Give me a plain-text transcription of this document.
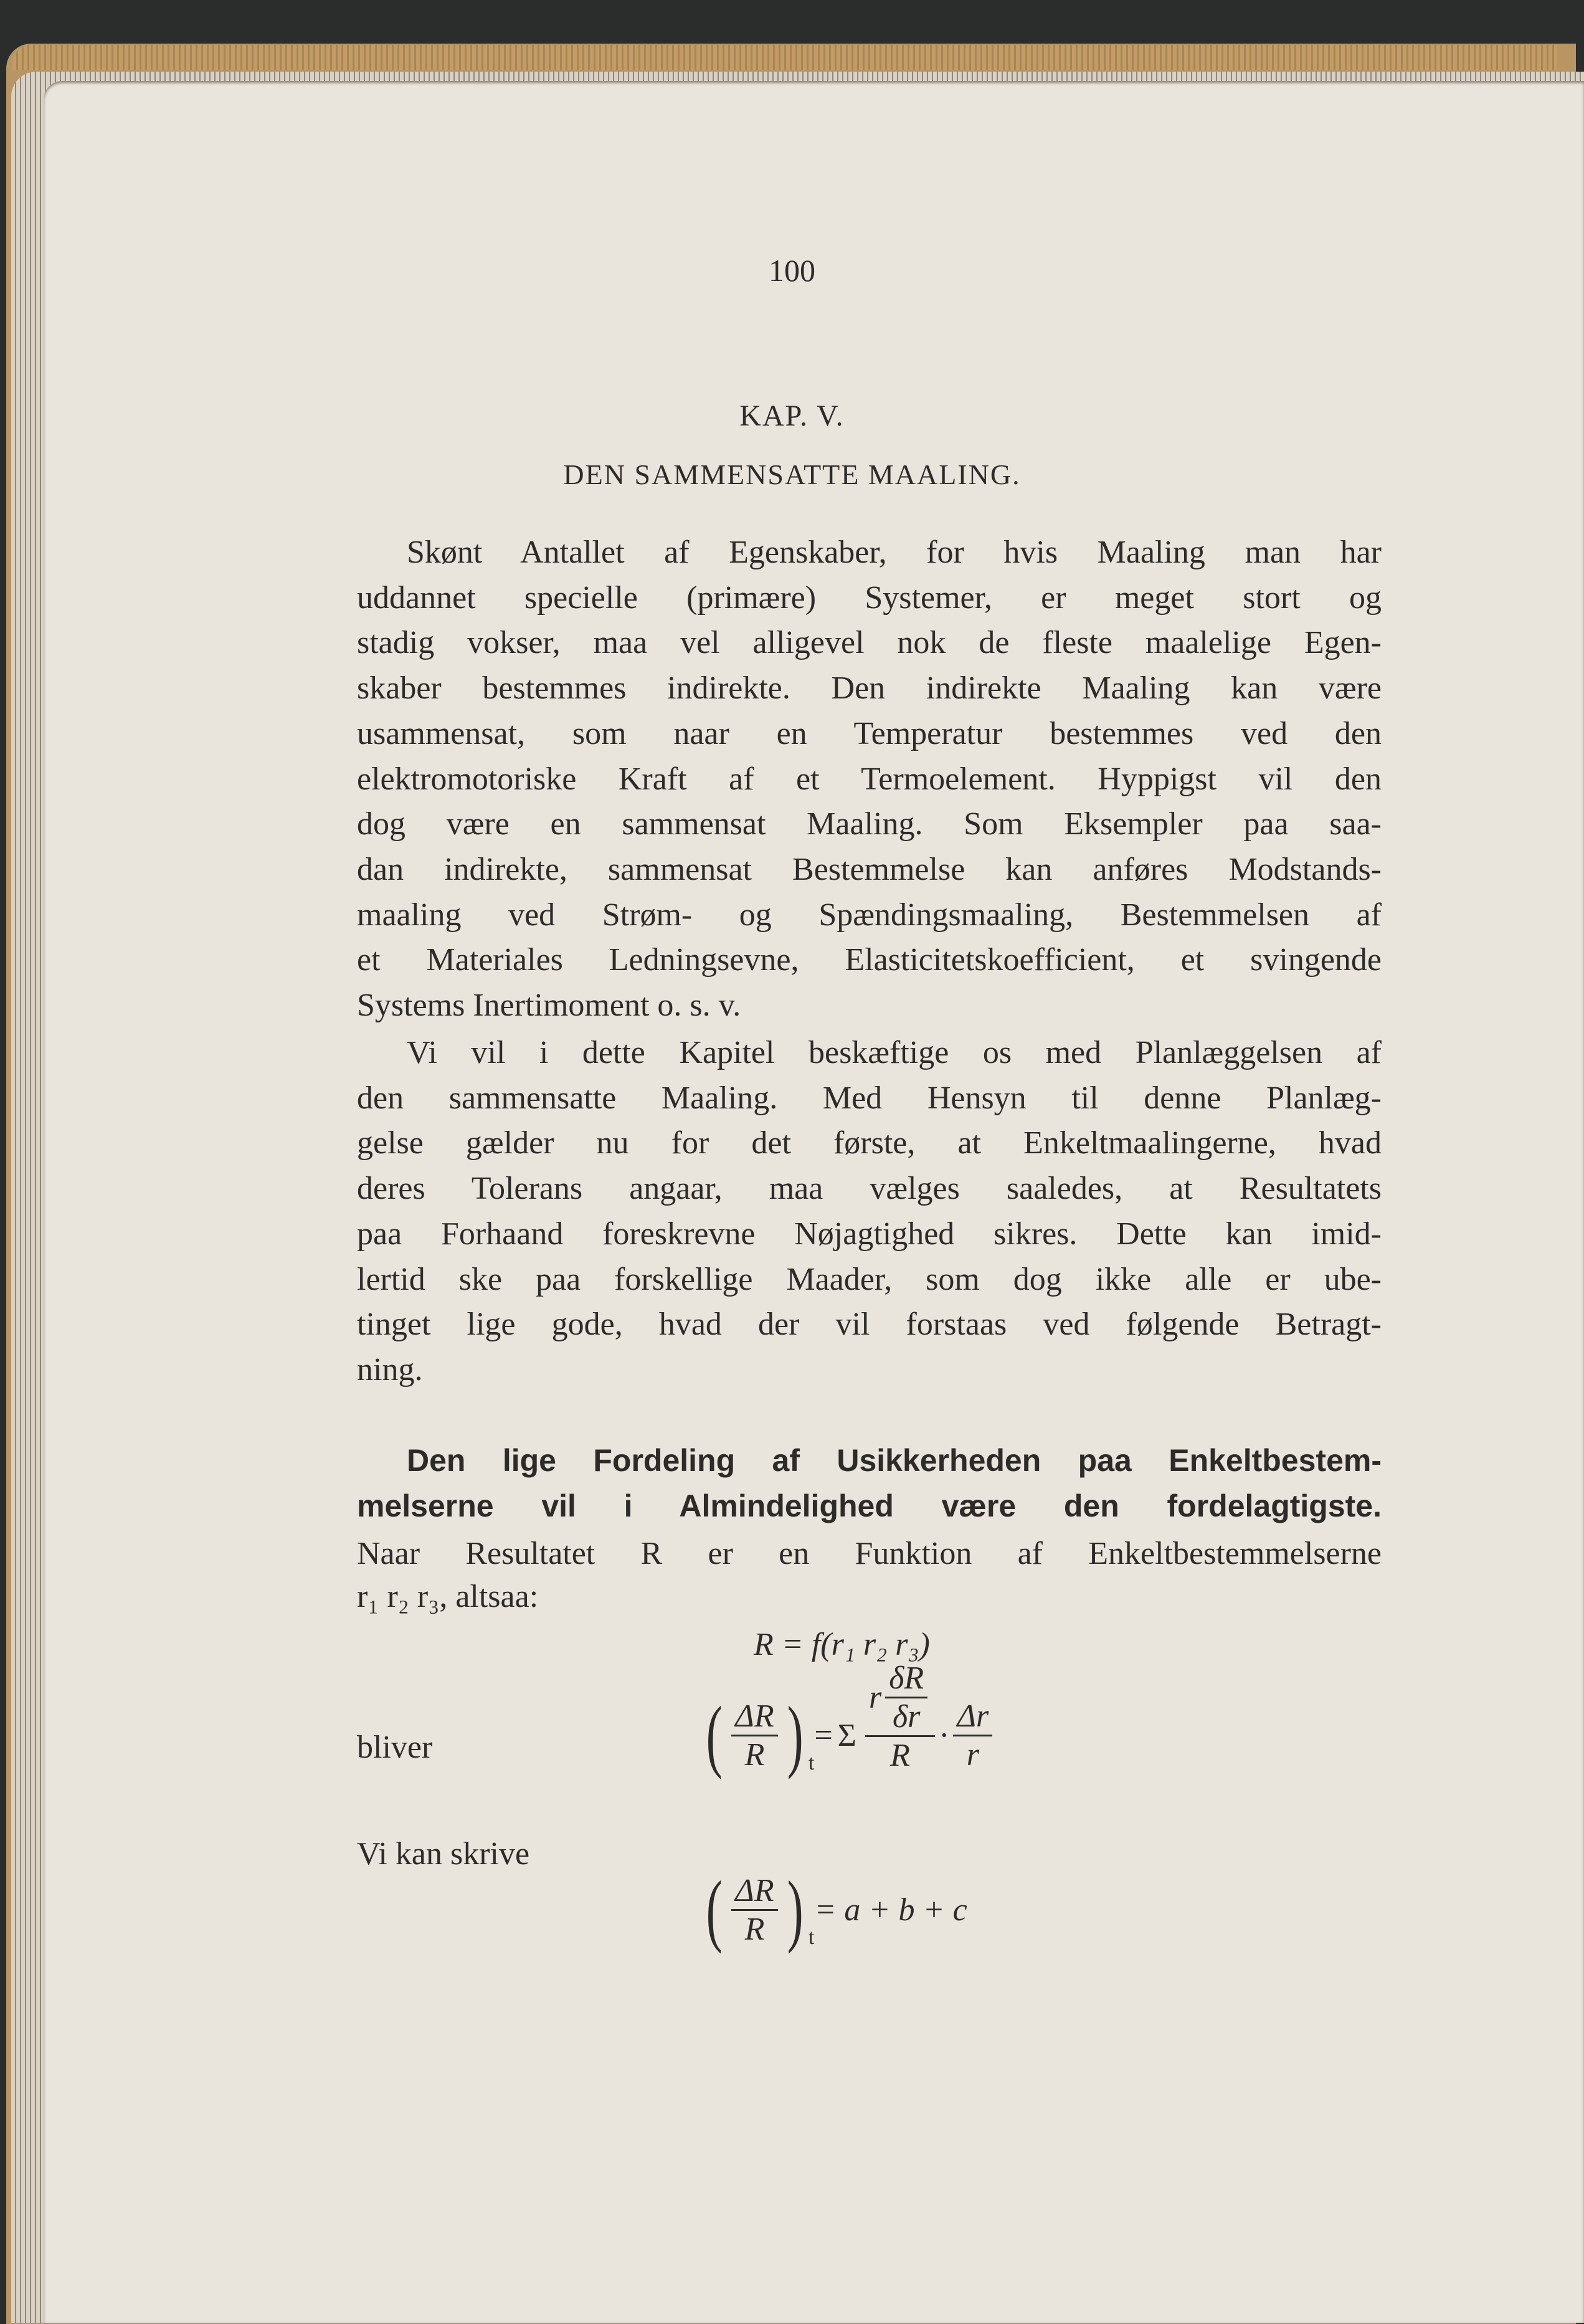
100
KAP. V.
DEN SAMMENSATTE MAALING.
Skønt Antallet af Egenskaber, for hvis Maaling man har
uddannet specielle (primære) Systemer, er meget stort og
stadig vokser, maa vel alligevel nok de fleste maalelige Egen-
skaber bestemmes indirekte. Den indirekte Maaling kan være
usammensat, som naar en Temperatur bestemmes ved den
elektromotoriske Kraft af et Termoelement. Hyppigst vil den
dog være en sammensat Maaling. Som Eksempler paa saa-
dan indirekte, sammensat Bestemmelse kan anføres Modstands-
maaling ved Strøm- og Spændingsmaaling, Bestemmelsen af
et Materiales Ledningsevne, Elasticitetskoefficient, et svingende
Systems Inertimoment o. s. v.
Vi vil i dette Kapitel beskæftige os med Planlæggelsen af
den sammensatte Maaling. Med Hensyn til denne Planlæg-
gelse gælder nu for det første, at Enkeltmaalingerne, hvad
deres Tolerans angaar, maa vælges saaledes, at Resultatets
paa Forhaand foreskrevne Nøjagtighed sikres. Dette kan imid-
lertid ske paa forskellige Maader, som dog ikke alle er ube-
tinget lige gode, hvad der vil forstaas ved følgende Betragt-
ning.
Den lige Fordeling af Usikkerheden paa Enkeltbestem-
melserne vil i Almindelighed være den fordelagtigste.
Naar Resultatet R er en Funktion af Enkeltbestemmelserne
r₁ r₂ r₃, altsaa:
R = f(r₁ r₂ r₃)
bliver	( $\frac{\Delta R}{R}$ ) $_t$
= Σ $\frac{r \frac{\delta R}{\delta r}}{R} \cdot \frac{\Delta r}{r}$
Vi kan skrive
( $\frac{\Delta R}{R}$ ) $_t$
= a + b + c
